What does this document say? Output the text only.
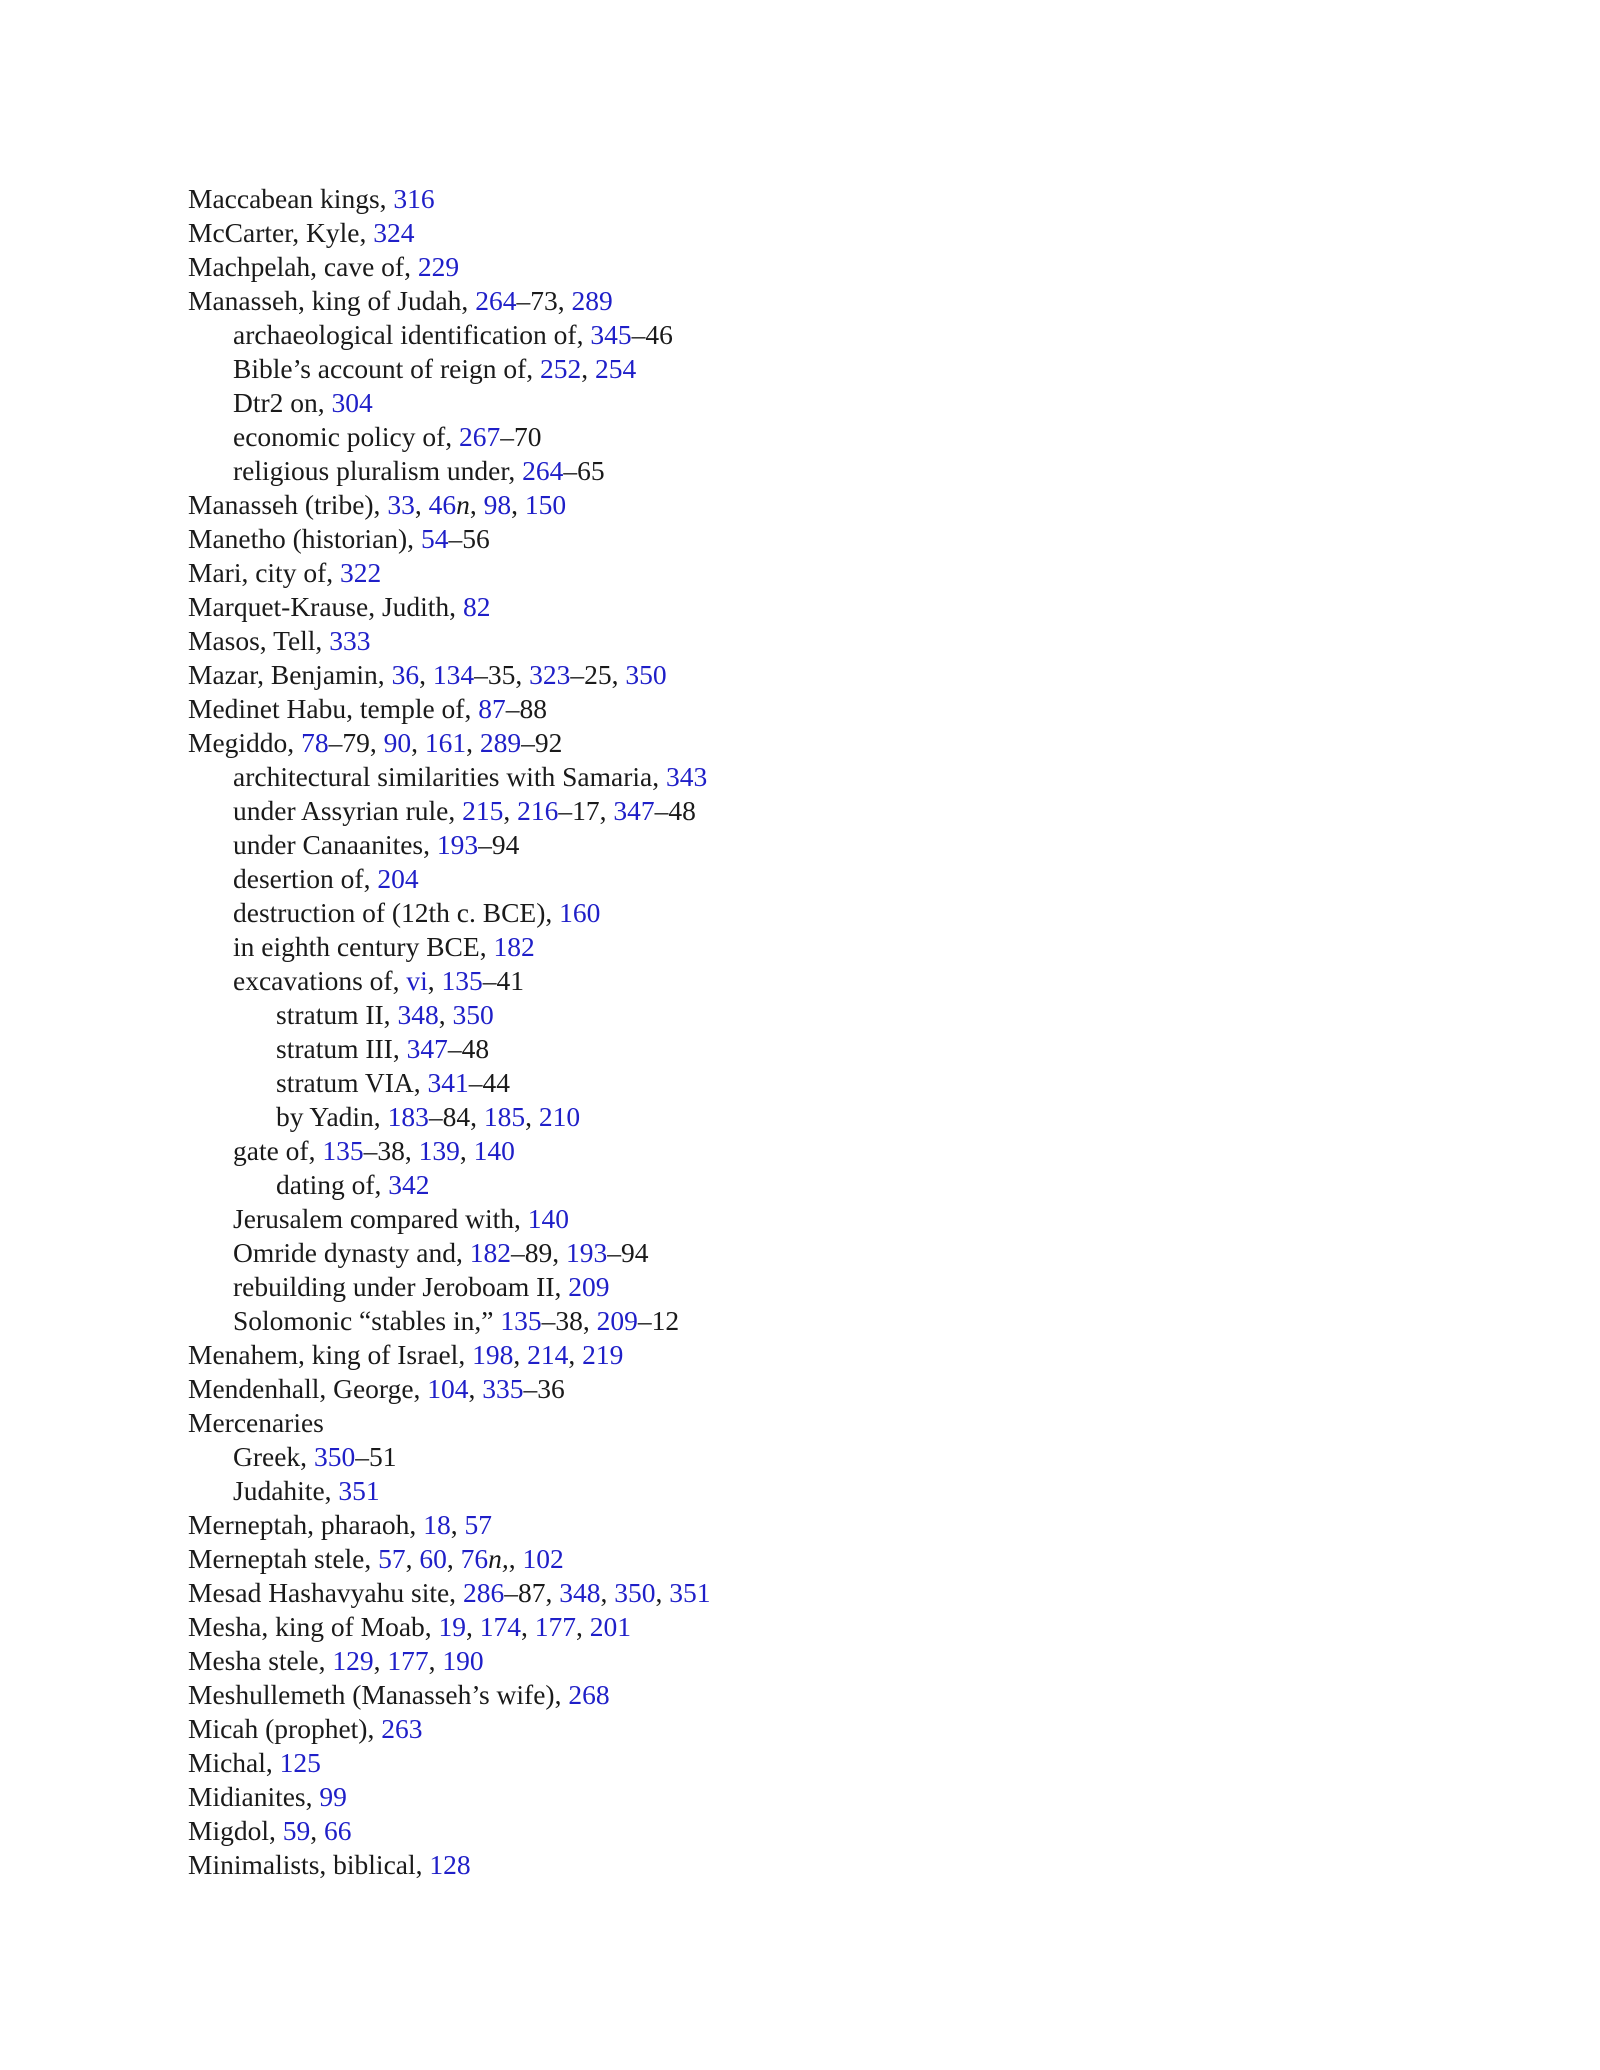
Maccabean kings, 316
McCarter, Kyle, 324
Machpelah, cave of, 229
Manasseh, king of Judah, 264–73, 289
archaeological identification of, 345–46
Bible’s account of reign of, 252, 254
Dtr2 on, 304
economic policy of, 267–70
religious pluralism under, 264–65
Manasseh (tribe), 33, 46n, 98, 150
Manetho (historian), 54–56
Mari, city of, 322
Marquet-Krause, Judith, 82
Masos, Tell, 333
Mazar, Benjamin, 36, 134–35, 323–25, 350
Medinet Habu, temple of, 87–88
Megiddo, 78–79, 90, 161, 289–92
architectural similarities with Samaria, 343
under Assyrian rule, 215, 216–17, 347–48
under Canaanites, 193–94
desertion of, 204
destruction of (12th c. BCE), 160
in eighth century BCE, 182
excavations of, vi, 135–41
stratum II, 348, 350
stratum III, 347–48
stratum VIA, 341–44
by Yadin, 183–84, 185, 210
gate of, 135–38, 139, 140
dating of, 342
Jerusalem compared with, 140
Omride dynasty and, 182–89, 193–94
rebuilding under Jeroboam II, 209
Solomonic “stables in,” 135–38, 209–12
Menahem, king of Israel, 198, 214, 219
Mendenhall, George, 104, 335–36
Mercenaries
Greek, 350–51
Judahite, 351
Merneptah, pharaoh, 18, 57
Merneptah stele, 57, 60, 76n,, 102
Mesad Hashavyahu site, 286–87, 348, 350, 351
Mesha, king of Moab, 19, 174, 177, 201
Mesha stele, 129, 177, 190
Meshullemeth (Manasseh’s wife), 268
Micah (prophet), 263
Michal, 125
Midianites, 99
Migdol, 59, 66
Minimalists, biblical, 128
